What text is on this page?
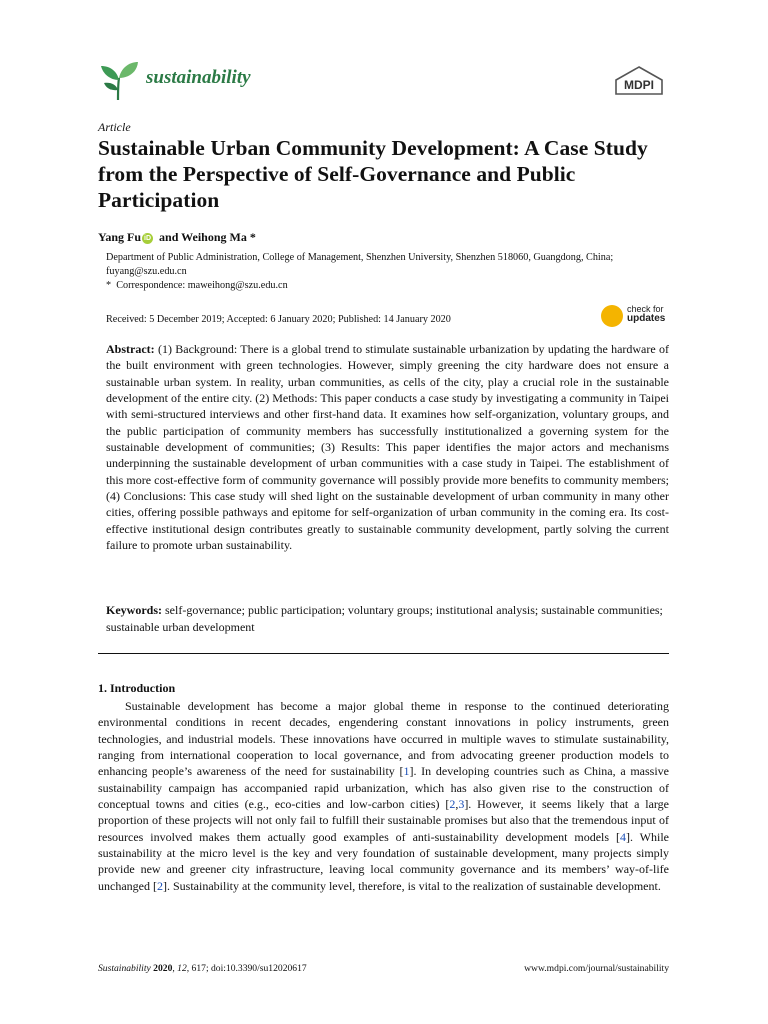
sustainability	MDPI
Article
Sustainable Urban Community Development: A Case Study from the Perspective of Self-Governance and Public Participation
Yang Fu iD and Weihong Ma *

Department of Public Administration, College of Management, Shenzhen University, Shenzhen 518060, Guangdong, China; fuyang@szu.edu.cn

* Correspondence: maweihong@szu.edu.cn
Received: 5 December 2019; Accepted: 6 January 2020; Published: 14 January 2020
check for
updates

Abstract: (1) Background: There is a global trend to stimulate sustainable urbanization by updating the hardware of the built environment with green technologies. However, simply greening the city hardware does not ensure a sustainable urban system. In reality, urban communities, as cells of the city, play a crucial role in the sustainable development of the entire city. (2) Methods: This paper conducts a case study by investigating a community in Taipei with semi-structured interviews and other first-hand data. It examines how self-organization, voluntary groups, and the public participation of community members has successfully institutionalized a governing system for the sustainable development of communities; (3) Results: This paper identifies the major actors and mechanisms underpinning the sustainable development of urban communities with a case study in Taipei. The establishment of this more cost-effective form of community governance will possibly provide more benefits to community members; (4) Conclusions: This case study will shed light on the sustainable development of urban community in many other cities, offering possible pathways and epitome for self-organization of urban community in the coming era. Its cost-effective institutional design contributes greatly to sustainable community development, partly solving the current failure to promote urban sustainability.

Keywords: self-governance; public participation; voluntary groups; institutional analysis; sustainable communities; sustainable urban development

1. Introduction

Sustainable development has become a major global theme in response to the continued deteriorating environmental conditions in recent decades, engendering constant innovations in policy instruments, green technologies, and industrial models. These innovations have occurred in multiple waves to stimulate sustainability, ranging from international cooperation to local governance, and from advocating greener production models to enhancing people’s awareness of the need for sustainability [1]. In developing countries such as China, a massive sustainability campaign has accompanied rapid urbanization, which has also given rise to the construction of conceptual towns and cities (e.g., eco-cities and low-carbon cities) [2,3]. However, it seems likely that a large proportion of these projects will not only fail to fulfill their sustainable promises but also that the tremendous input of resources involved makes them actually good examples of anti-sustainability development models [4]. While sustainability at the micro level is the key and very foundation of sustainable development, many projects simply provide new and greener city infrastructure, leaving local community governance and its members’ way-of-life unchanged [2]. Sustainability at the community level, therefore, is vital to the realization of sustainable development.

Sustainability 2020, 12, 617; doi:10.3390/su12020617	www.mdpi.com/journal/sustainability
